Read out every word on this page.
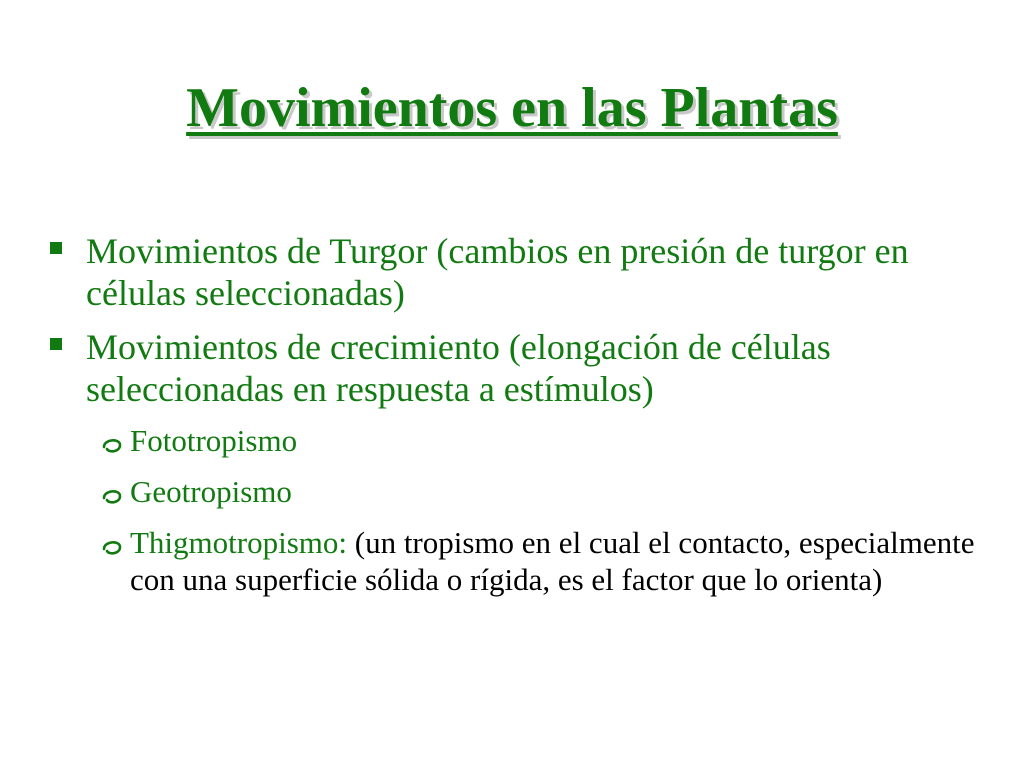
Movimientos en las Plantas
Movimientos de Turgor (cambios en presión de turgor en células seleccionadas)
Movimientos de crecimiento (elongación de células seleccionadas en respuesta a estímulos)
Fototropismo
Geotropismo
Thigmotropismo: (un tropismo en el cual el contacto, especialmente con una superficie sólida o rígida, es el factor que lo orienta)
